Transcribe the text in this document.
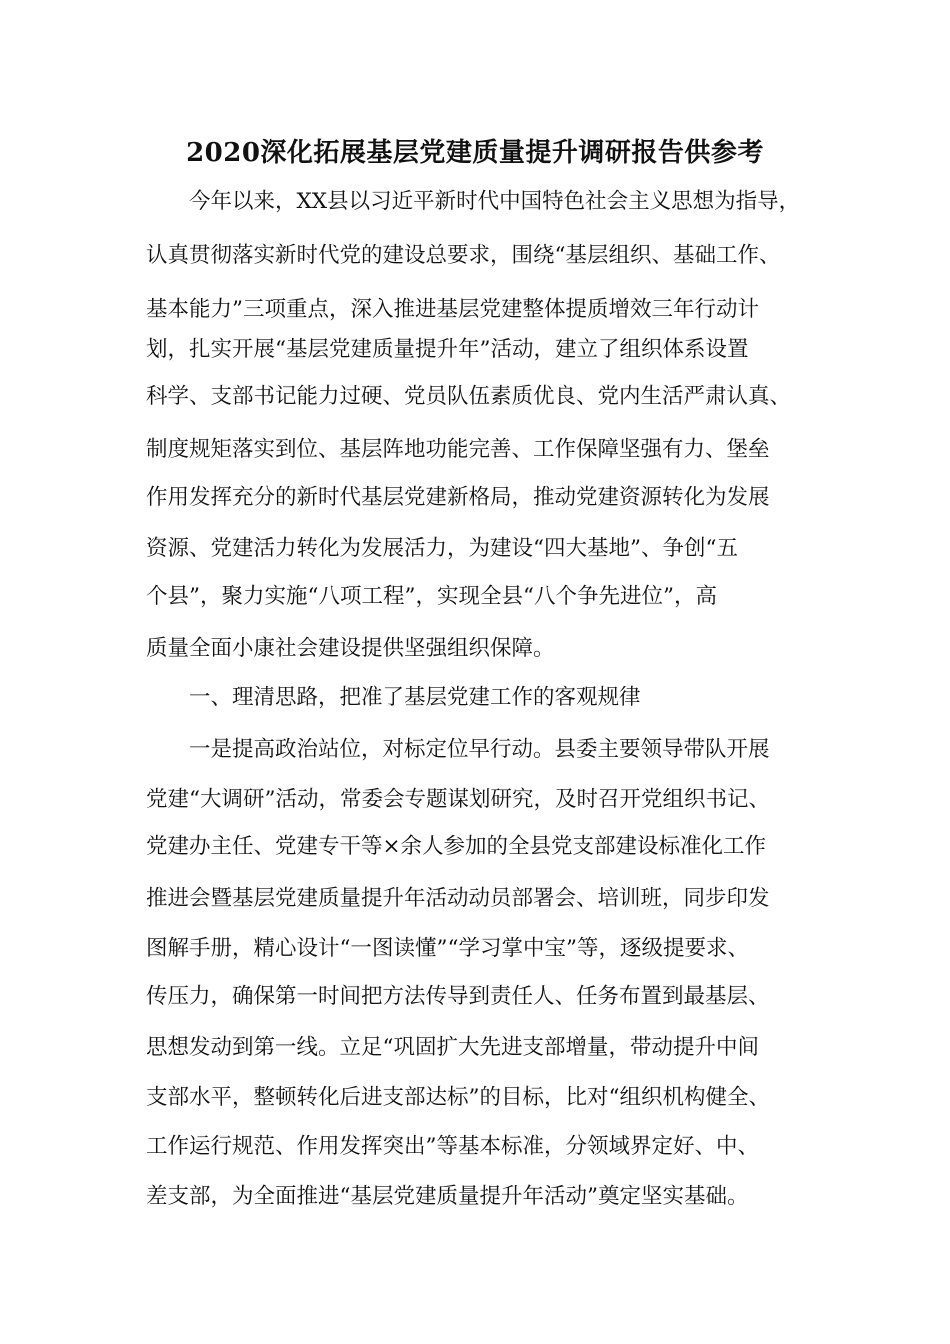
2020深化拓展基层党建质量提升调研报告供参考
今年以来，XX县以习近平新时代中国特色社会主义思想为指导，
认真贯彻落实新时代党的建设总要求，围绕“基层组织、基础工作、
基本能力”三项重点，深入推进基层党建整体提质增效三年行动计
划，扎实开展“基层党建质量提升年”活动，建立了组织体系设置
科学、支部书记能力过硬、党员队伍素质优良、党内生活严肃认真、
制度规矩落实到位、基层阵地功能完善、工作保障坚强有力、堡垒
作用发挥充分的新时代基层党建新格局，推动党建资源转化为发展
资源、党建活力转化为发展活力，为建设“四大基地”、争创“五
个县”，聚力实施“八项工程”，实现全县“八个争先进位”，高
质量全面小康社会建设提供坚强组织保障。
一、理清思路，把准了基层党建工作的客观规律
一是提高政治站位，对标定位早行动。县委主要领导带队开展
党建“大调研”活动，常委会专题谋划研究，及时召开党组织书记、
党建办主任、党建专干等×余人参加的全县党支部建设标准化工作
推进会暨基层党建质量提升年活动动员部署会、培训班，同步印发
图解手册，精心设计“一图读懂”“学习掌中宝”等，逐级提要求、
传压力，确保第一时间把方法传导到责任人、任务布置到最基层、
思想发动到第一线。立足“巩固扩大先进支部增量，带动提升中间
支部水平，整顿转化后进支部达标”的目标，比对“组织机构健全、
工作运行规范、作用发挥突出”等基本标准，分领域界定好、中、
差支部，为全面推进“基层党建质量提升年活动”奠定坚实基础。
